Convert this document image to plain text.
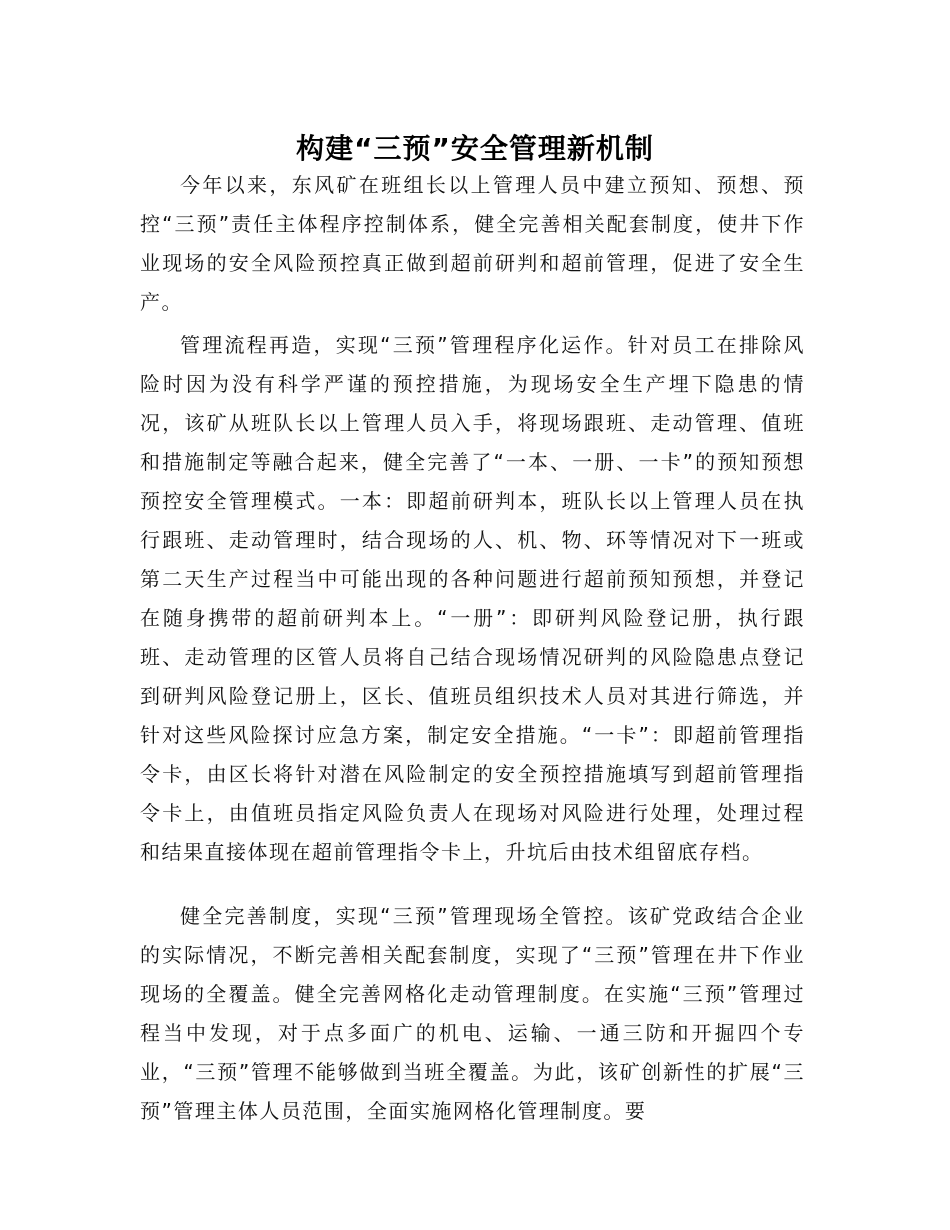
构建“三预”安全管理新机制

今年以来，东风矿在班组长以上管理人员中建立预知、预想、预控“三预”责任主体程序控制体系，健全完善相关配套制度，使井下作业现场的安全风险预控真正做到超前研判和超前管理，促进了安全生产。

管理流程再造，实现“三预”管理程序化运作。针对员工在排除风险时因为没有科学严谨的预控措施，为现场安全生产埋下隐患的情况，该矿从班队长以上管理人员入手，将现场跟班、走动管理、值班和措施制定等融合起来，健全完善了“一本、一册、一卡”的预知预想预控安全管理模式。一本：即超前研判本，班队长以上管理人员在执行跟班、走动管理时，结合现场的人、机、物、环等情况对下一班或第二天生产过程当中可能出现的各种问题进行超前预知预想，并登记在随身携带的超前研判本上。“一册”：即研判风险登记册，执行跟班、走动管理的区管人员将自己结合现场情况研判的风险隐患点登记到研判风险登记册上，区长、值班员组织技术人员对其进行筛选，并针对这些风险探讨应急方案，制定安全措施。“一卡”：即超前管理指令卡，由区长将针对潜在风险制定的安全预控措施填写到超前管理指令卡上，由值班员指定风险负责人在现场对风险进行处理，处理过程和结果直接体现在超前管理指令卡上，升坑后由技术组留底存档。

健全完善制度，实现“三预”管理现场全管控。该矿党政结合企业的实际情况，不断完善相关配套制度，实现了“三预”管理在井下作业现场的全覆盖。健全完善网格化走动管理制度。在实施“三预”管理过程当中发现，对于点多面广的机电、运输、一通三防和开掘四个专业，“三预”管理不能够做到当班全覆盖。为此，该矿创新性的扩展“三预”管理主体人员范围，全面实施网格化管理制度。要
